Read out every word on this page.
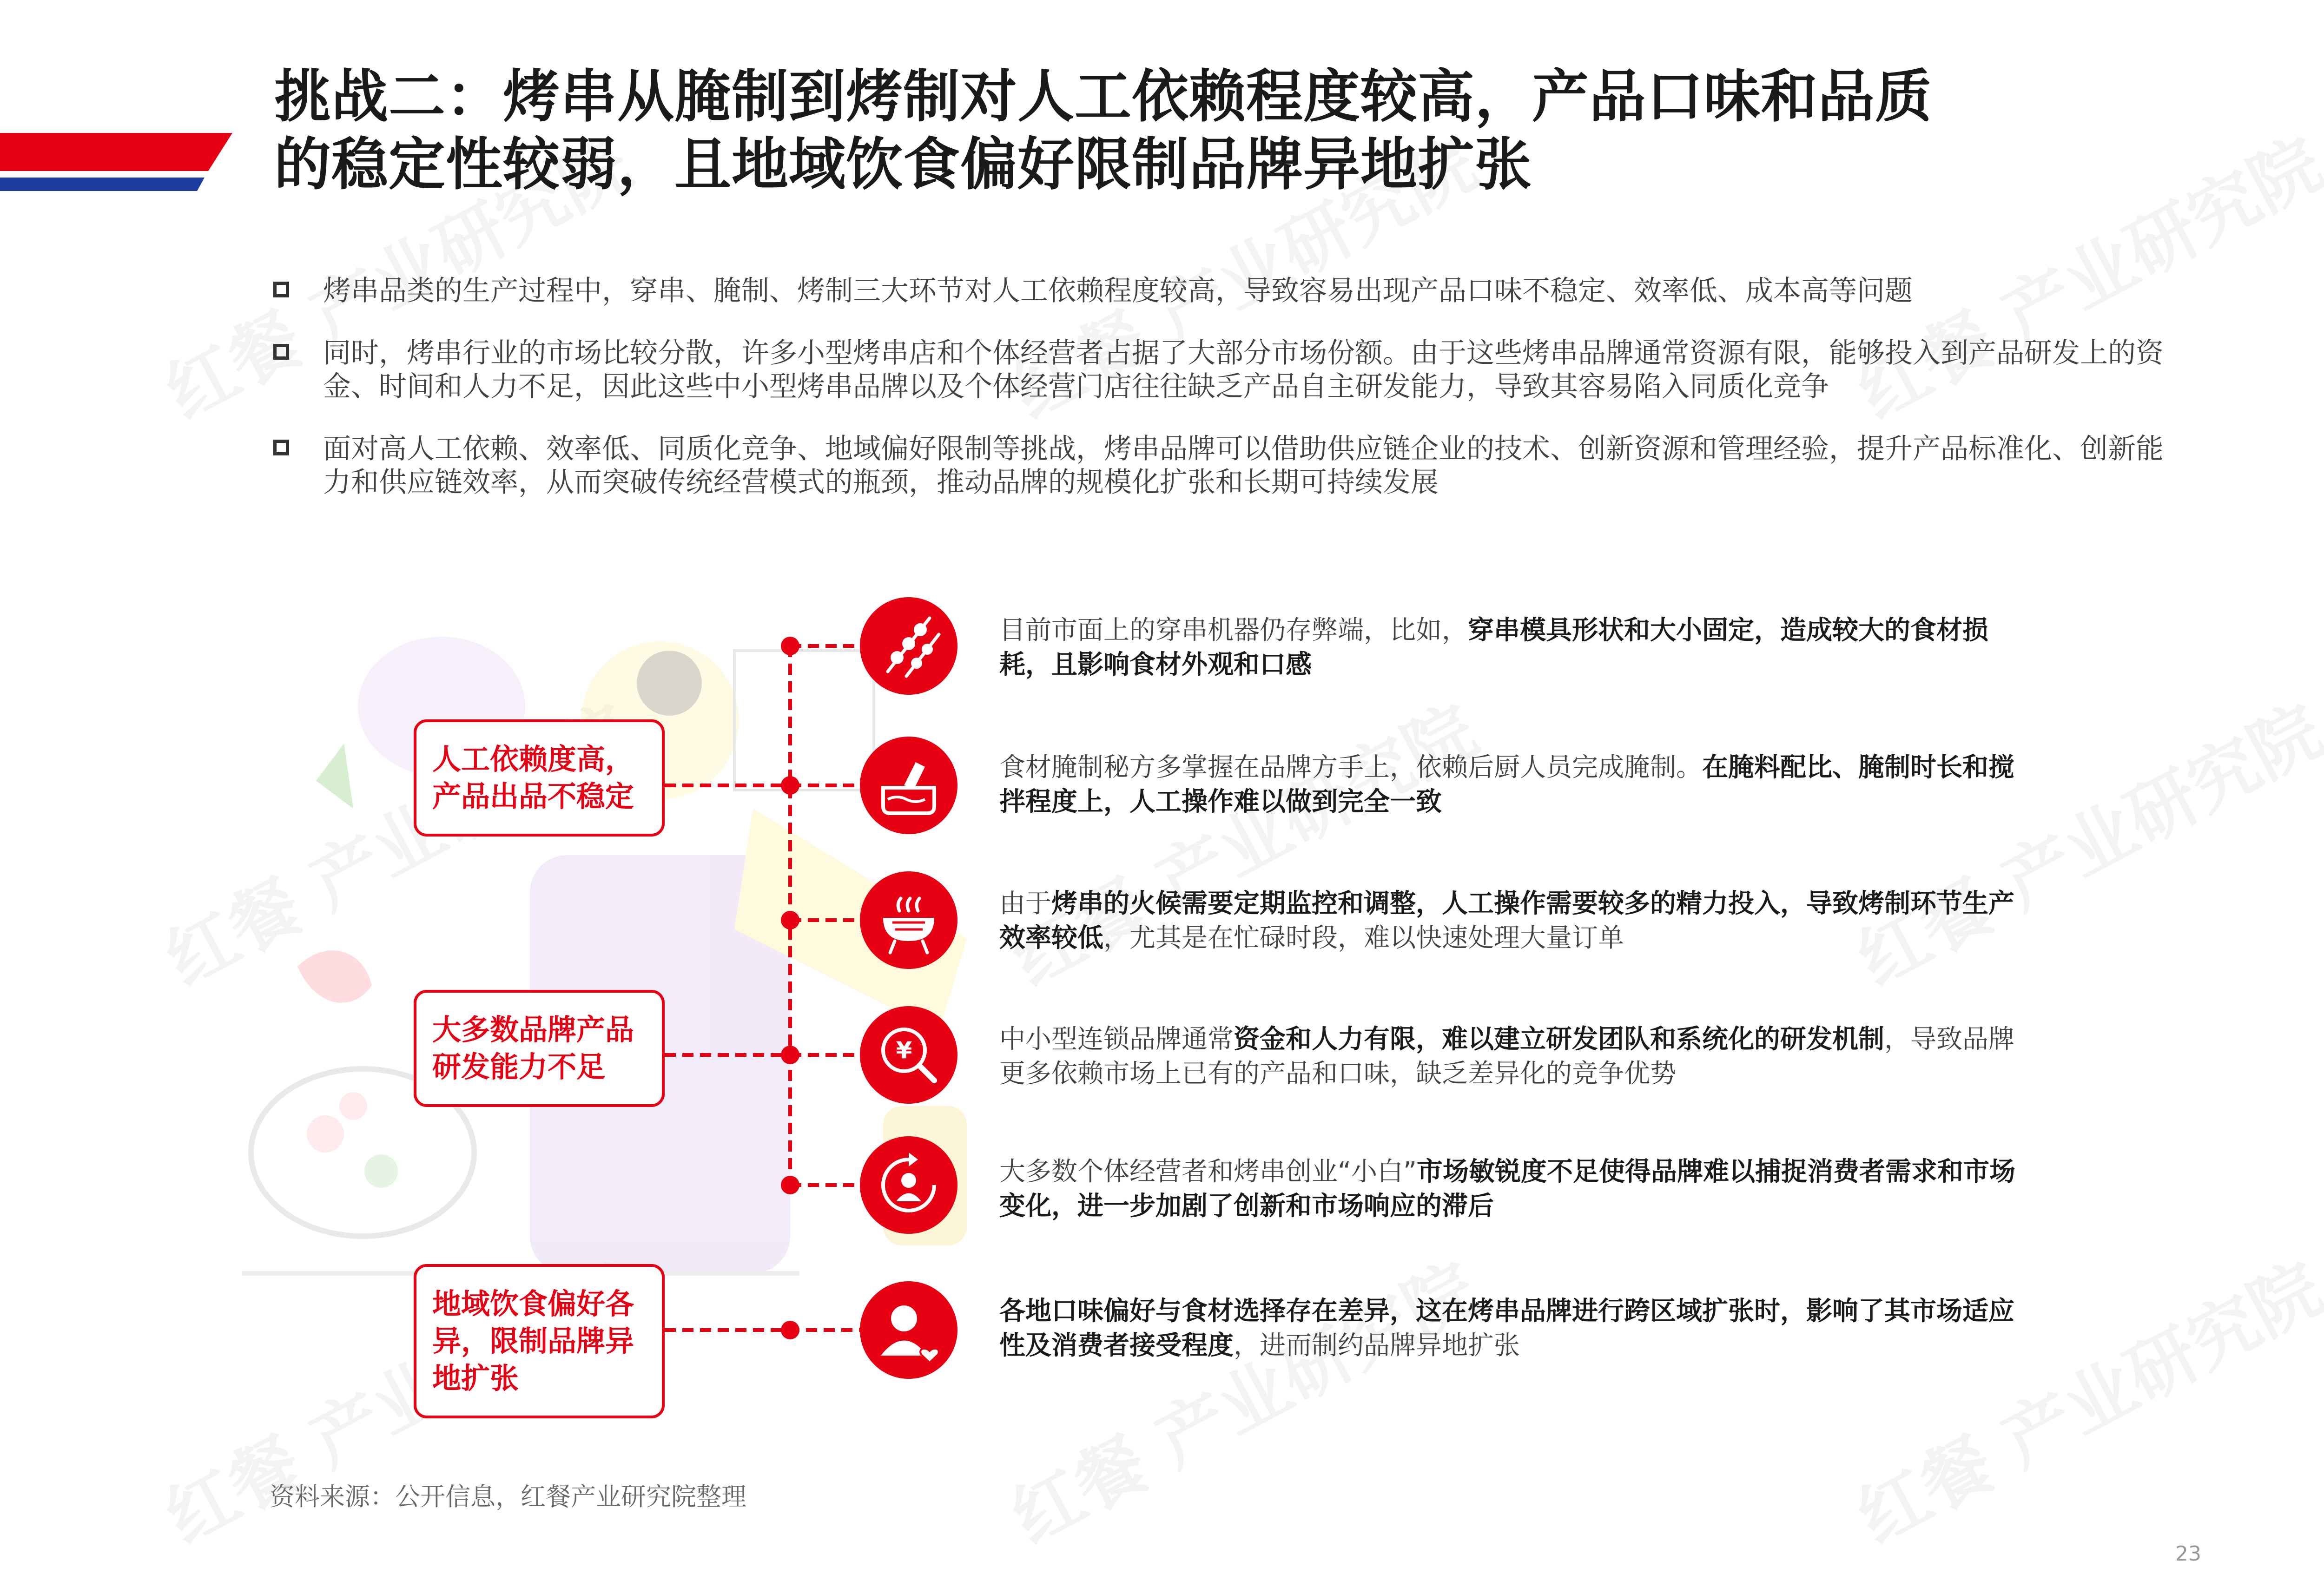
挑战二：烤串从腌制到烤制对人工依赖程度较高，产品口味和品质
的稳定性较弱，且地域饮食偏好限制品牌异地扩张
烤串品类的生产过程中，穿串、腌制、烤制三大环节对人工依赖程度较高，导致容易出现产品口味不稳定、效率低、成本高等问题
同时，烤串行业的市场比较分散，许多小型烤串店和个体经营者占据了大部分市场份额。由于这些烤串品牌通常资源有限，能够投入到产品研发上的资金、时间和人力不足，因此这些中小型烤串品牌以及个体经营门店往往缺乏产品自主研发能力，导致其容易陷入同质化竞争
面对高人工依赖、效率低、同质化竞争、地域偏好限制等挑战，烤串品牌可以借助供应链企业的技术、创新资源和管理经验，提升产品标准化、创新能力和供应链效率，从而突破传统经营模式的瓶颈，推动品牌的规模化扩张和长期可持续发展
人工依赖度高，产品出品不稳定
大多数品牌产品研发能力不足
地域饮食偏好各异，限制品牌异地扩张
¥
目前市面上的穿串机器仍存弊端，比如，穿串模具形状和大小固定，造成较大的食材损耗，且影响食材外观和口感
食材腌制秘方多掌握在品牌方手上，依赖后厨人员完成腌制。在腌料配比、腌制时长和搅拌程度上，人工操作难以做到完全一致
由于烤串的火候需要定期监控和调整，人工操作需要较多的精力投入，导致烤制环节生产效率较低，尤其是在忙碌时段，难以快速处理大量订单
中小型连锁品牌通常资金和人力有限，难以建立研发团队和系统化的研发机制，导致品牌更多依赖市场上已有的产品和口味，缺乏差异化的竞争优势
大多数个体经营者和烤串创业“小白”市场敏锐度不足使得品牌难以捕捉消费者需求和市场变化，进一步加剧了创新和市场响应的滞后
各地口味偏好与食材选择存在差异，这在烤串品牌进行跨区域扩张时，影响了其市场适应性及消费者接受程度，进而制约品牌异地扩张
资料来源：公开信息，红餐产业研究院整理
23
